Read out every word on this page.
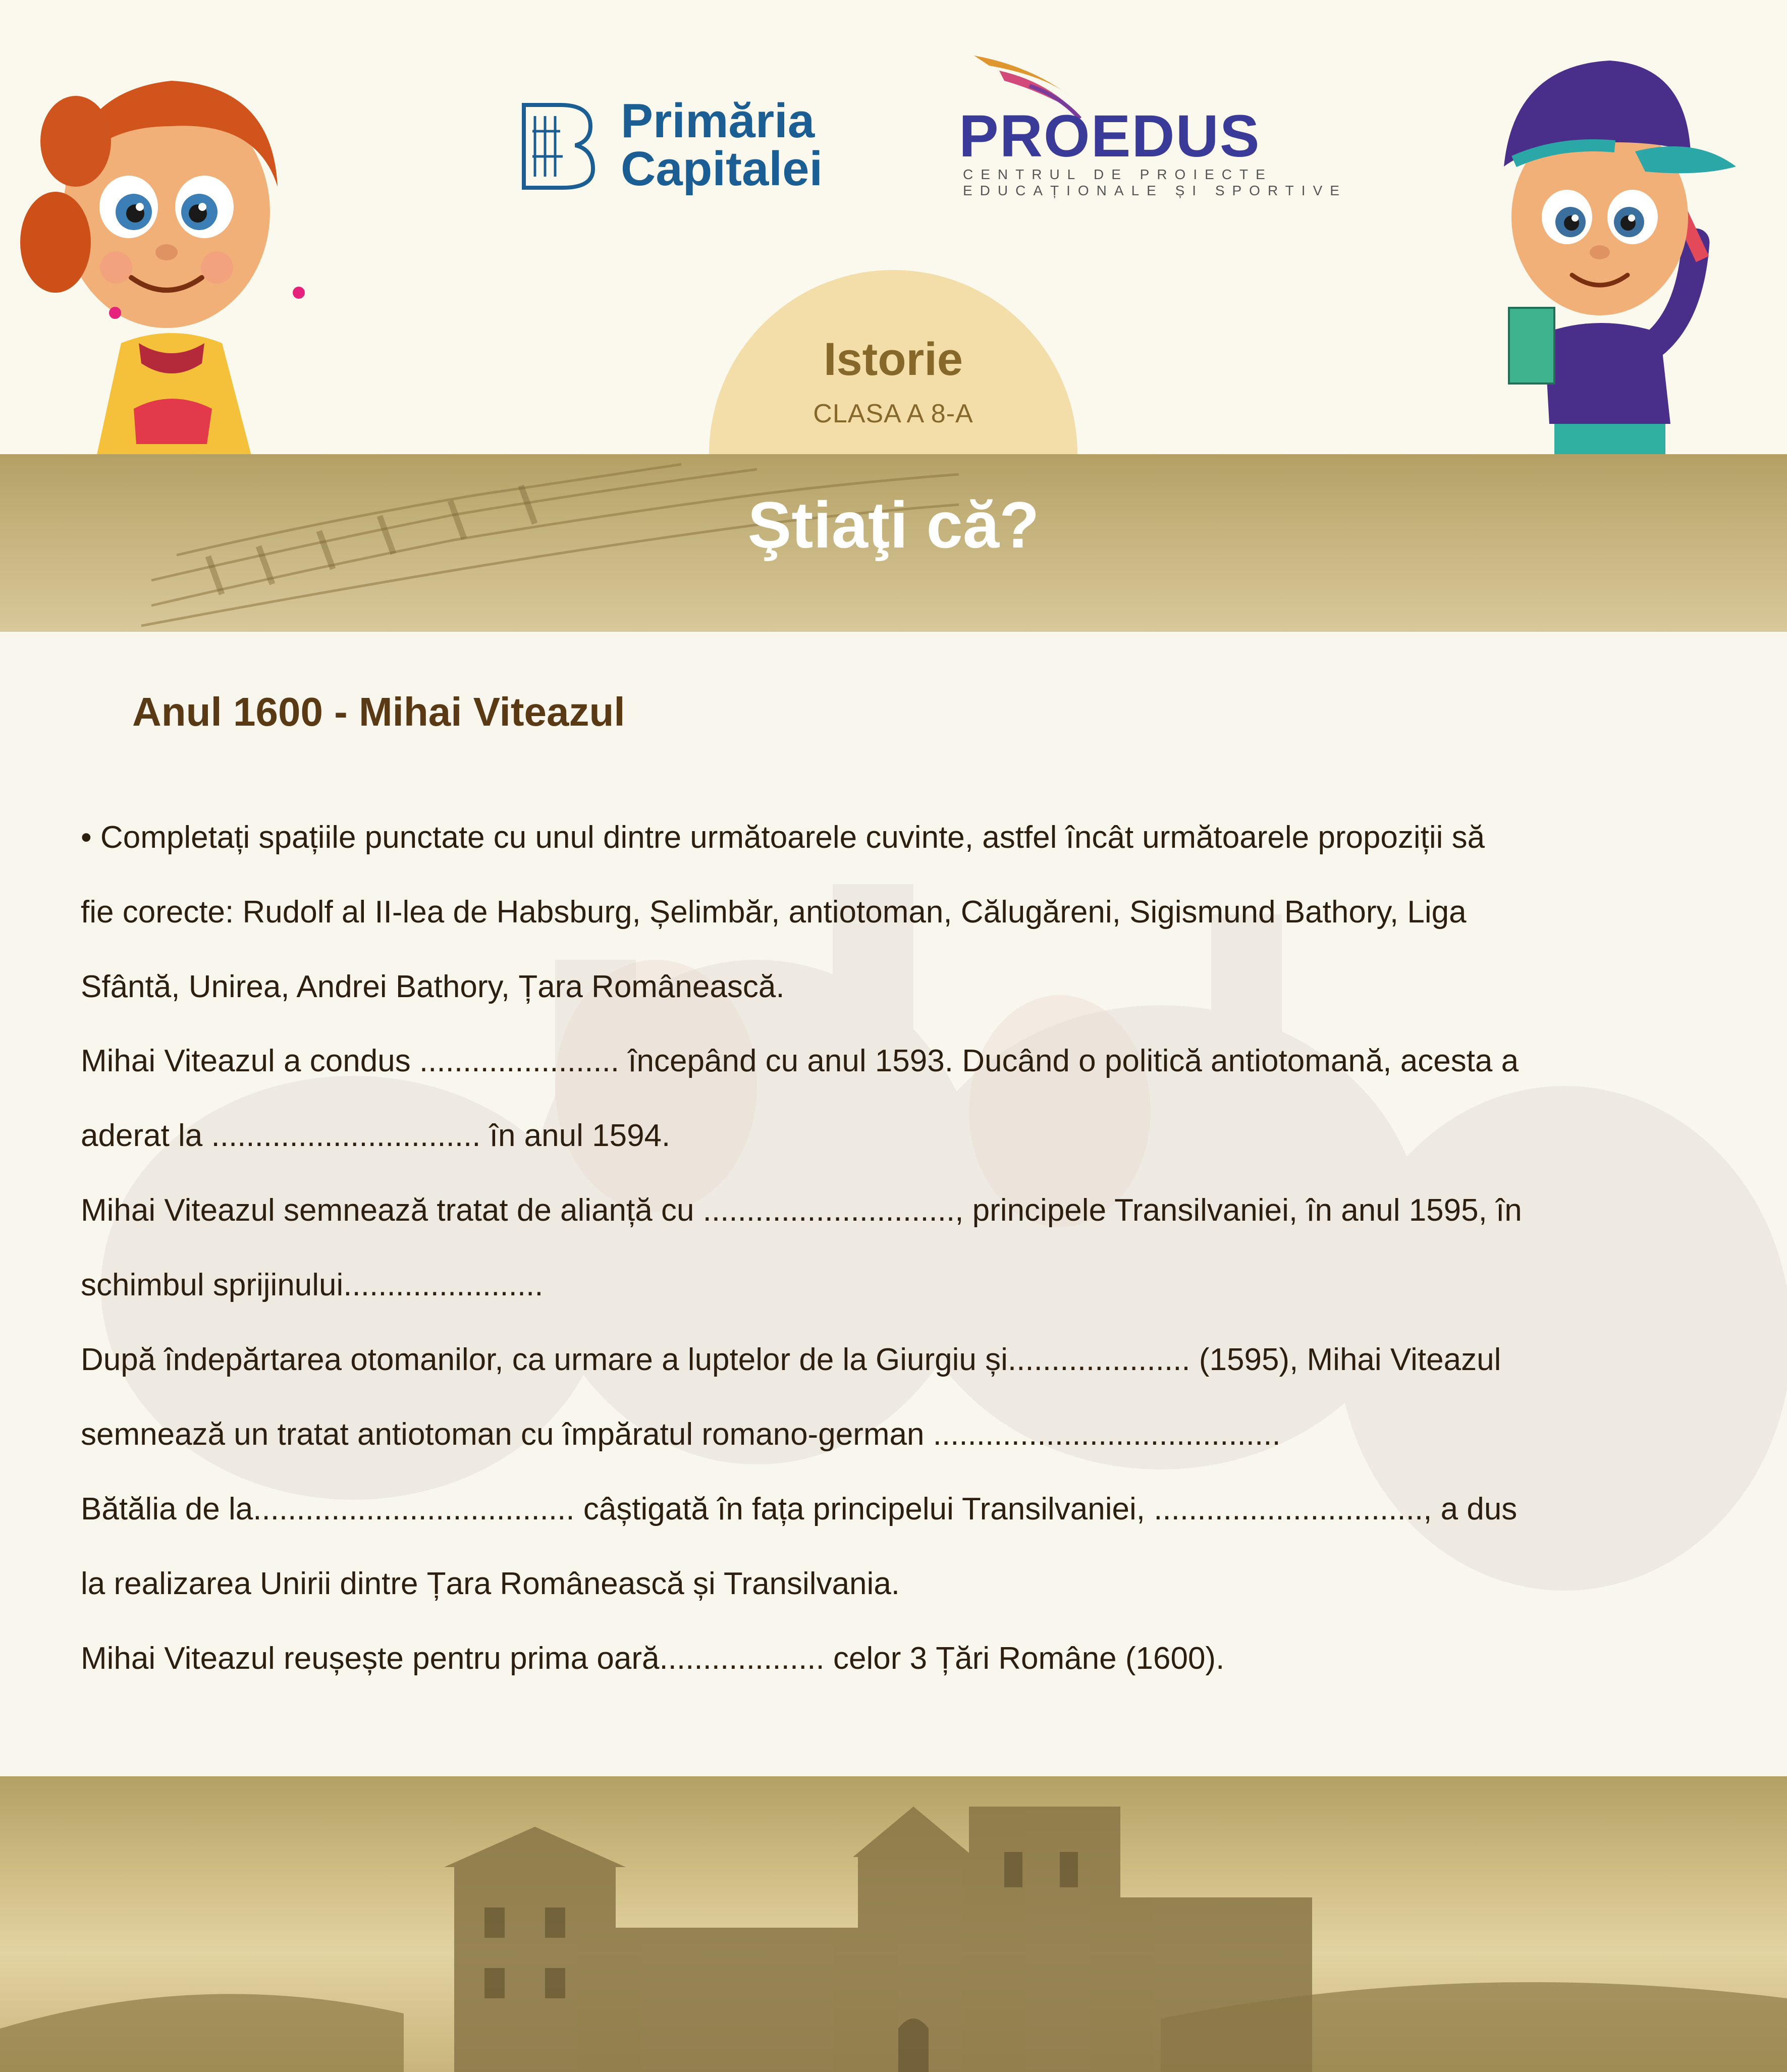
Primăria
Capitalei PROEDUS
CENTRUL DE PROIECTE
EDUCAȚIONALE ȘI SPORTIVE
Istorie
CLASA A 8-A
Ştiaţi că?
Anul 1600 - Mihai Viteazul
• Completați spațiile punctate cu unul dintre următoarele cuvinte, astfel încât următoarele propoziții să
fie corecte: Rudolf al II-lea de Habsburg, Șelimbăr, antiotoman, Călugăreni, Sigismund Bathory, Liga
Sfântă, Unirea, Andrei Bathory, Țara Românească.
Mihai Viteazul a condus ....................... începând cu anul 1593. Ducând o politică antiotomană, acesta a
aderat la ............................... în anul 1594.
Mihai Viteazul semnează tratat de alianță cu ............................., principele Transilvaniei, în anul 1595, în
schimbul sprijinului.......................
După îndepărtarea otomanilor, ca urmare a luptelor de la Giurgiu și..................... (1595), Mihai Viteazul
semnează un tratat antiotoman cu împăratul romano-german ........................................
Bătălia de la..................................... câștigată în fața principelui Transilvaniei, ..............................., a dus
la realizarea Unirii dintre Țara Românească și Transilvania.
Mihai Viteazul reușește pentru prima oară................... celor 3 Țări Române (1600).
